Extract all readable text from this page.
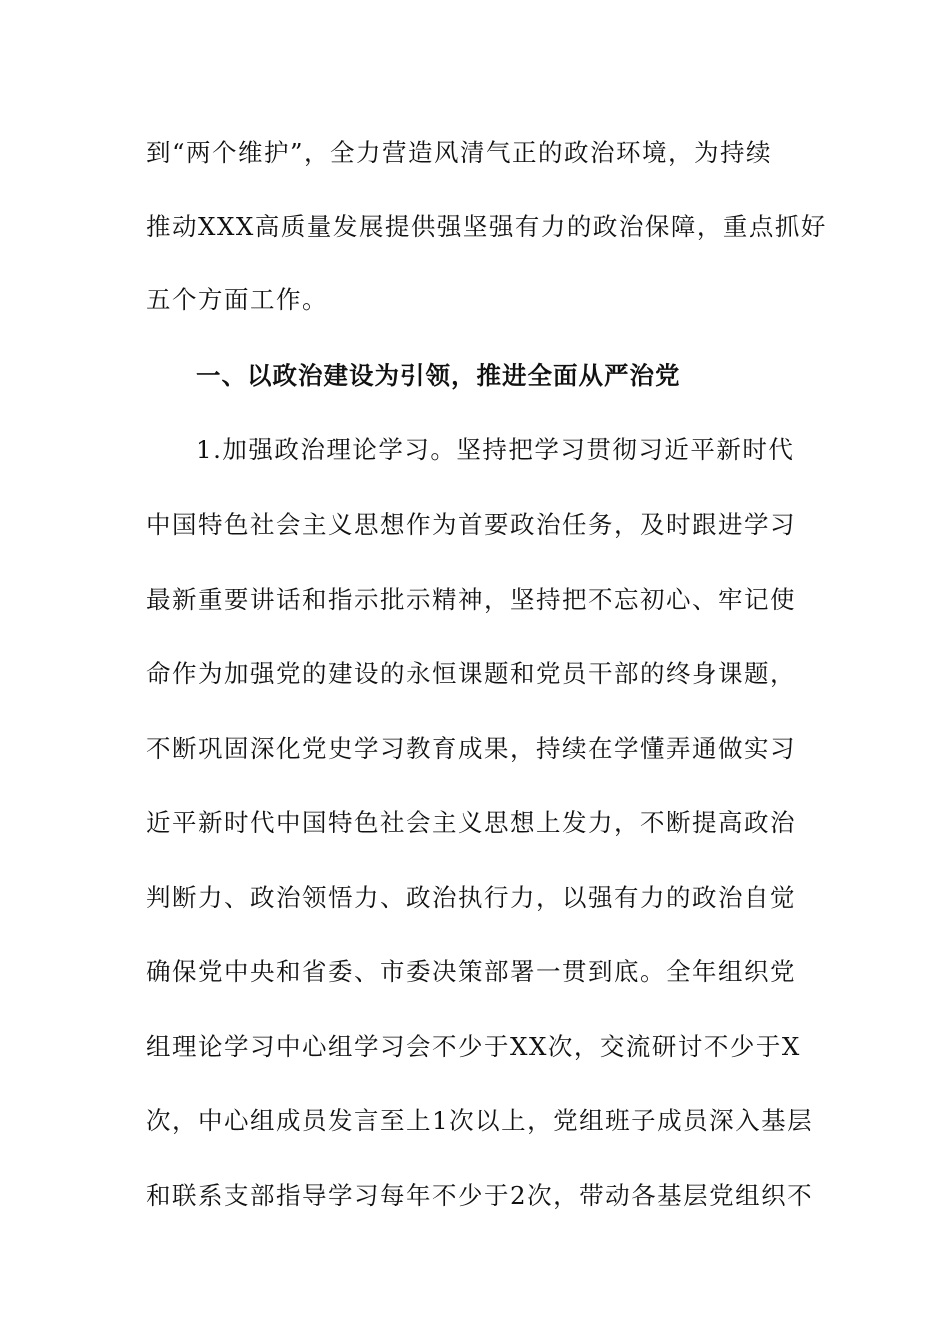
到“两个维护”，全力营造风清气正的政治环境，为持续
推动XXX高质量发展提供强坚强有力的政治保障，重点抓好
五个方面工作。
一、以政治建设为引领，推进全面从严治党
1.加强政治理论学习。坚持把学习贯彻习近平新时代
中国特色社会主义思想作为首要政治任务，及时跟进学习
最新重要讲话和指示批示精神，坚持把不忘初心、牢记使
命作为加强党的建设的永恒课题和党员干部的终身课题，
不断巩固深化党史学习教育成果，持续在学懂弄通做实习
近平新时代中国特色社会主义思想上发力，不断提高政治
判断力、政治领悟力、政治执行力，以强有力的政治自觉
确保党中央和省委、市委决策部署一贯到底。全年组织党
组理论学习中心组学习会不少于XX次，交流研讨不少于X
次，中心组成员发言至上1次以上，党组班子成员深入基层
和联系支部指导学习每年不少于2次，带动各基层党组织不
